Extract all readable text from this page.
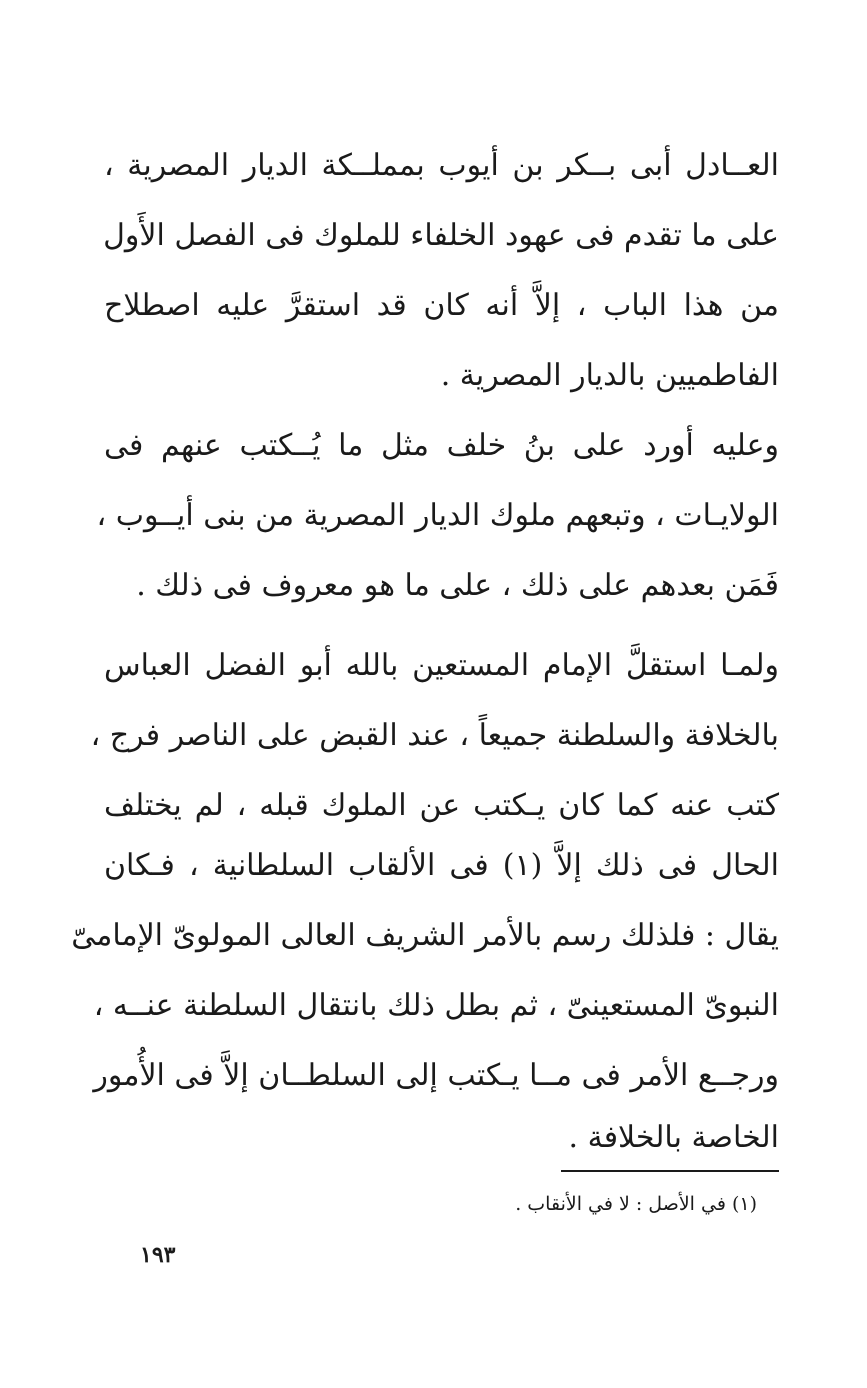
العــادل أبى بــكر بن أيوب بمملــكة الديار المصرية ،
على ما تقدم فى عهود الخلفاء للملوك فى الفصل الأَول
من هذا الباب ، إلاَّ أنه كان قد استقرَّ عليه اصطلاح
الفاطميين بالديار المصرية .
وعليه أورد على بنُ خلف مثل ما يُــكتب عنهم فى
الولايـات ، وتبعهم ملوك الديار المصرية من بنى أيــوب ،
فَمَن بعدهم على ذلك ، على ما هو معروف فى ذلك .
ولمـا استقلَّ الإمام المستعين بالله أبو الفضل العباس
بالخلافة والسلطنة جميعاً ، عند القبض على الناصر فرج ،
كتب عنه كما كان يـكتب عن الملوك قبله ، لم يختلف
الحال فى ذلك إلاَّ (١) فى الألقاب السلطانية ، فـكان
يقال : فلذلك رسم بالأمر الشريف العالى المولوىّ الإمامىّ
النبوىّ المستعينىّ ، ثم بطل ذلك بانتقال السلطنة عنــه ،
ورجــع الأمر فى مــا يـكتب إلى السلطــان إلاَّ فى الأُمور
الخاصة بالخلافة .
(١) في الأصل : لا في الأنقاب .
١٩٣
